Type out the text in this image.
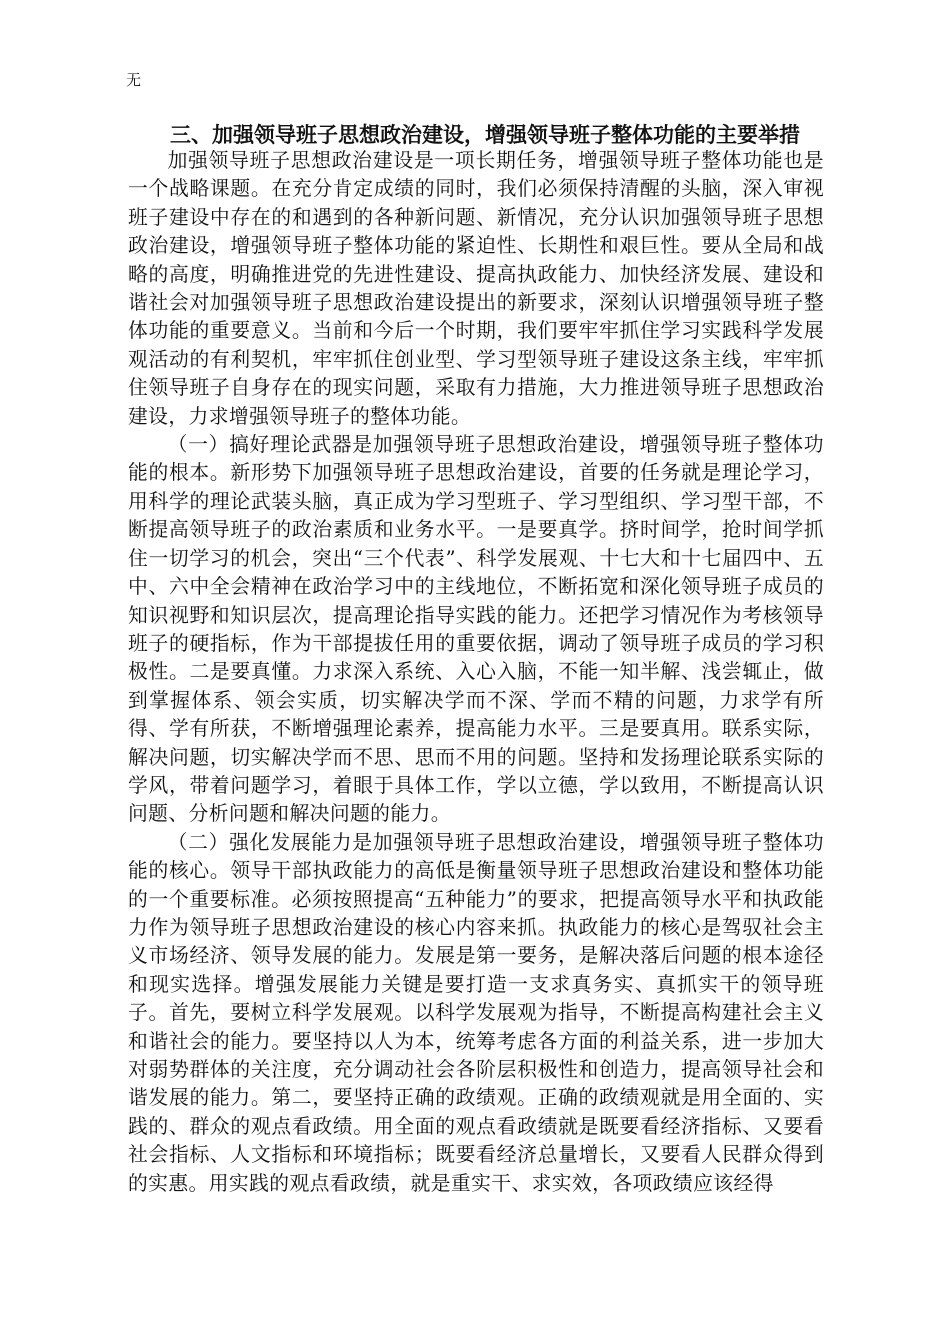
无
三、加强领导班子思想政治建设，增强领导班子整体功能的主要举措

加强领导班子思想政治建设是一项长期任务，增强领导班子整体功能也是一个战略课题。在充分肯定成绩的同时，我们必须保持清醒的头脑，深入审视班子建设中存在的和遇到的各种新问题、新情况，充分认识加强领导班子思想政治建设，增强领导班子整体功能的紧迫性、长期性和艰巨性。要从全局和战略的高度，明确推进党的先进性建设、提高执政能力、加快经济发展、建设和谐社会对加强领导班子思想政治建设提出的新要求，深刻认识增强领导班子整体功能的重要意义。当前和今后一个时期，我们要牢牢抓住学习实践科学发展观活动的有利契机，牢牢抓住创业型、学习型领导班子建设这条主线，牢牢抓住领导班子自身存在的现实问题，采取有力措施，大力推进领导班子思想政治建设，力求增强领导班子的整体功能。

（一）搞好理论武器是加强领导班子思想政治建设，增强领导班子整体功能的根本。新形势下加强领导班子思想政治建设，首要的任务就是理论学习，用科学的理论武装头脑，真正成为学习型班子、学习型组织、学习型干部，不断提高领导班子的政治素质和业务水平。一是要真学。挤时间学，抢时间学抓住一切学习的机会，突出“三个代表”、科学发展观、十七大和十七届四中、五中、六中全会精神在政治学习中的主线地位，不断拓宽和深化领导班子成员的知识视野和知识层次，提高理论指导实践的能力。还把学习情况作为考核领导班子的硬指标，作为干部提拔任用的重要依据，调动了领导班子成员的学习积极性。二是要真懂。力求深入系统、入心入脑，不能一知半解、浅尝辄止，做到掌握体系、领会实质，切实解决学而不深、学而不精的问题，力求学有所得、学有所获，不断增强理论素养，提高能力水平。三是要真用。联系实际，解决问题，切实解决学而不思、思而不用的问题。坚持和发扬理论联系实际的学风，带着问题学习，着眼于具体工作，学以立德，学以致用，不断提高认识问题、分析问题和解决问题的能力。

（二）强化发展能力是加强领导班子思想政治建设，增强领导班子整体功能的核心。领导干部执政能力的高低是衡量领导班子思想政治建设和整体功能的一个重要标准。必须按照提高“五种能力”的要求，把提高领导水平和执政能力作为领导班子思想政治建设的核心内容来抓。执政能力的核心是驾驭社会主义市场经济、领导发展的能力。发展是第一要务，是解决落后问题的根本途径和现实选择。增强发展能力关键是要打造一支求真务实、真抓实干的领导班子。首先，要树立科学发展观。以科学发展观为指导，不断提高构建社会主义和谐社会的能力。要坚持以人为本，统筹考虑各方面的利益关系，进一步加大对弱势群体的关注度，充分调动社会各阶层积极性和创造力，提高领导社会和谐发展的能力。第二，要坚持正确的政绩观。正确的政绩观就是用全面的、实践的、群众的观点看政绩。用全面的观点看政绩就是既要看经济指标、又要看社会指标、人文指标和环境指标；既要看经济总量增长，又要看人民群众得到的实惠。用实践的观点看政绩，就是重实干、求实效，各项政绩应该经得
